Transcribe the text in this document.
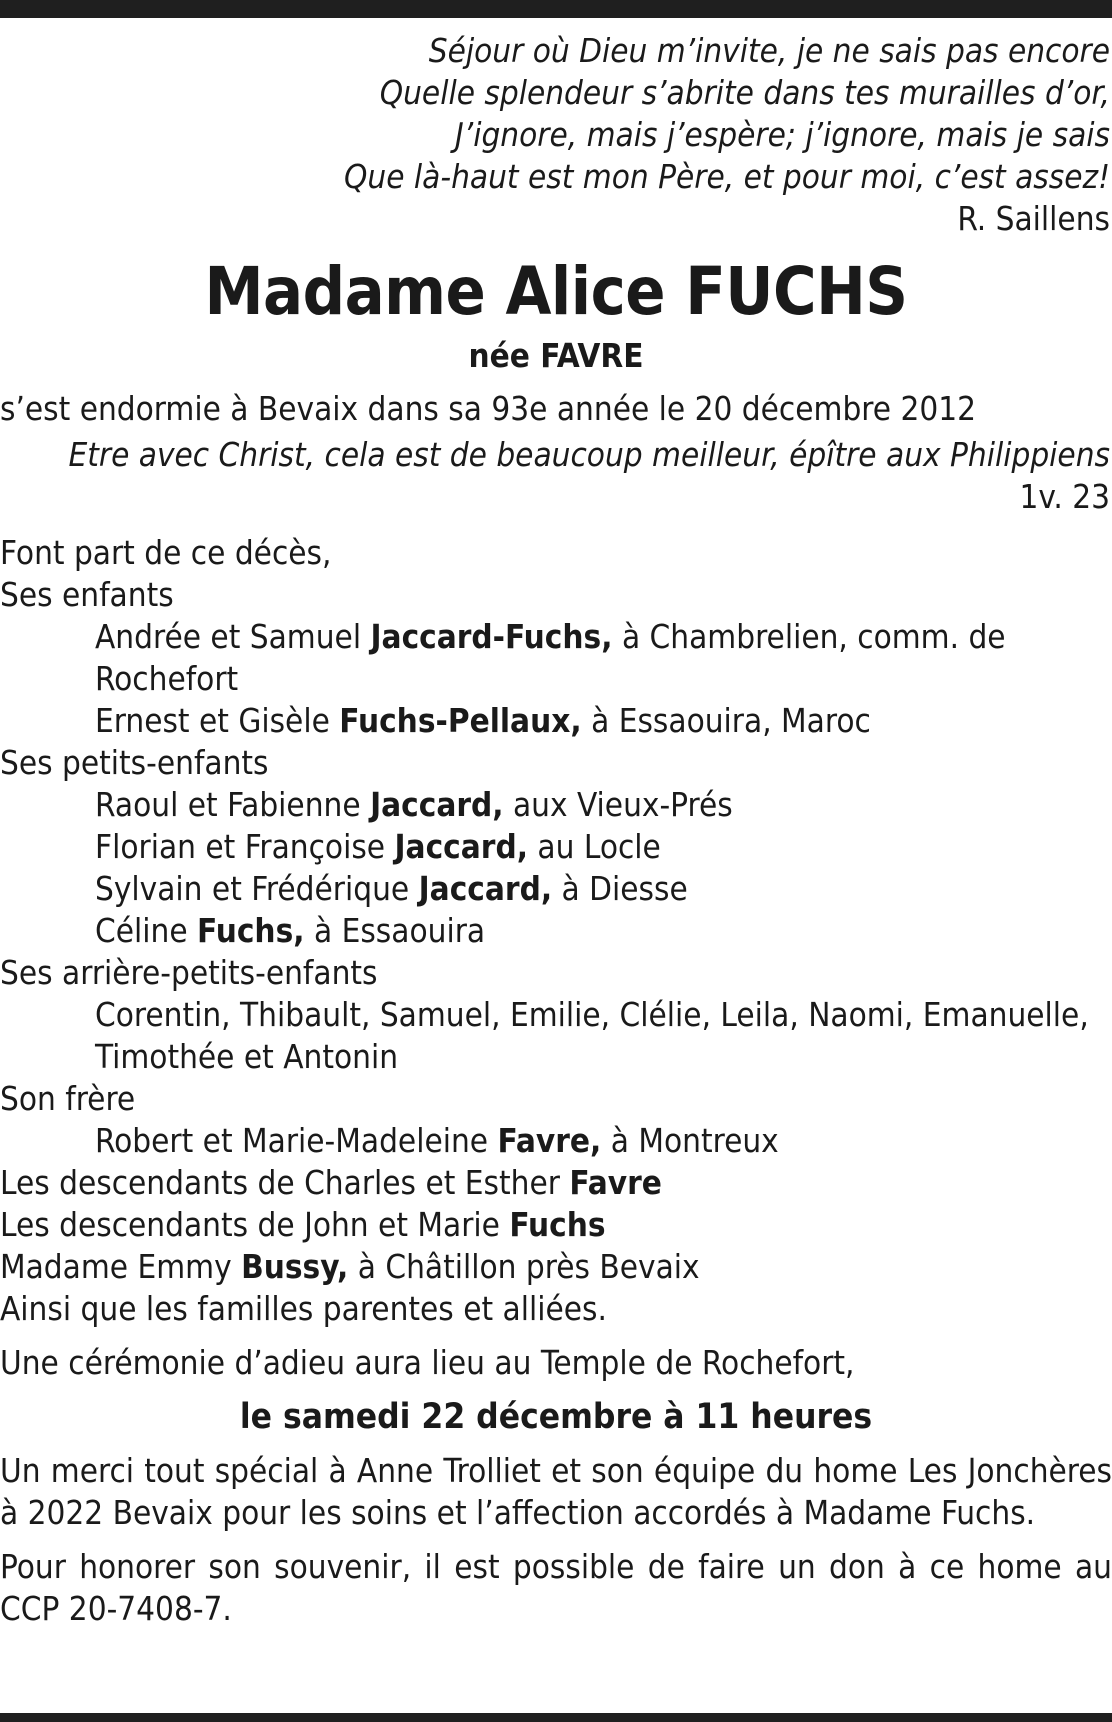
Séjour où Dieu m’invite, je ne sais pas encore
Quelle splendeur s’abrite dans tes murailles d’or,
J’ignore, mais j’espère; j’ignore, mais je sais
Que là-haut est mon Père, et pour moi, c’est assez!
R. Saillens
Madame Alice FUCHS
née FAVRE
s’est endormie à Bevaix dans sa 93e année le 20 décembre 2012
Etre avec Christ, cela est de beaucoup meilleur, épître aux Philippiens
1v. 23
Font part de ce décès,
Ses enfants
Andrée et Samuel Jaccard-Fuchs, à Chambrelien, comm. de Rochefort
Ernest et Gisèle Fuchs-Pellaux, à Essaouira, Maroc
Ses petits-enfants
Raoul et Fabienne Jaccard, aux Vieux-Prés
Florian et Françoise Jaccard, au Locle
Sylvain et Frédérique Jaccard, à Diesse
Céline Fuchs, à Essaouira
Ses arrière-petits-enfants
Corentin, Thibault, Samuel, Emilie, Clélie, Leila, Naomi, Emanuelle, Timothée et Antonin
Son frère
Robert et Marie-Madeleine Favre, à Montreux
Les descendants de Charles et Esther Favre
Les descendants de John et Marie Fuchs
Madame Emmy Bussy, à Châtillon près Bevaix
Ainsi que les familles parentes et alliées.
Une cérémonie d’adieu aura lieu au Temple de Rochefort,
le samedi 22 décembre à 11 heures
Un merci tout spécial à Anne Trolliet et son équipe du home Les Jonchères à 2022 Bevaix pour les soins et l’affection accordés à Madame Fuchs.
Pour honorer son souvenir, il est possible de faire un don à ce home au CCP 20-7408-7.
